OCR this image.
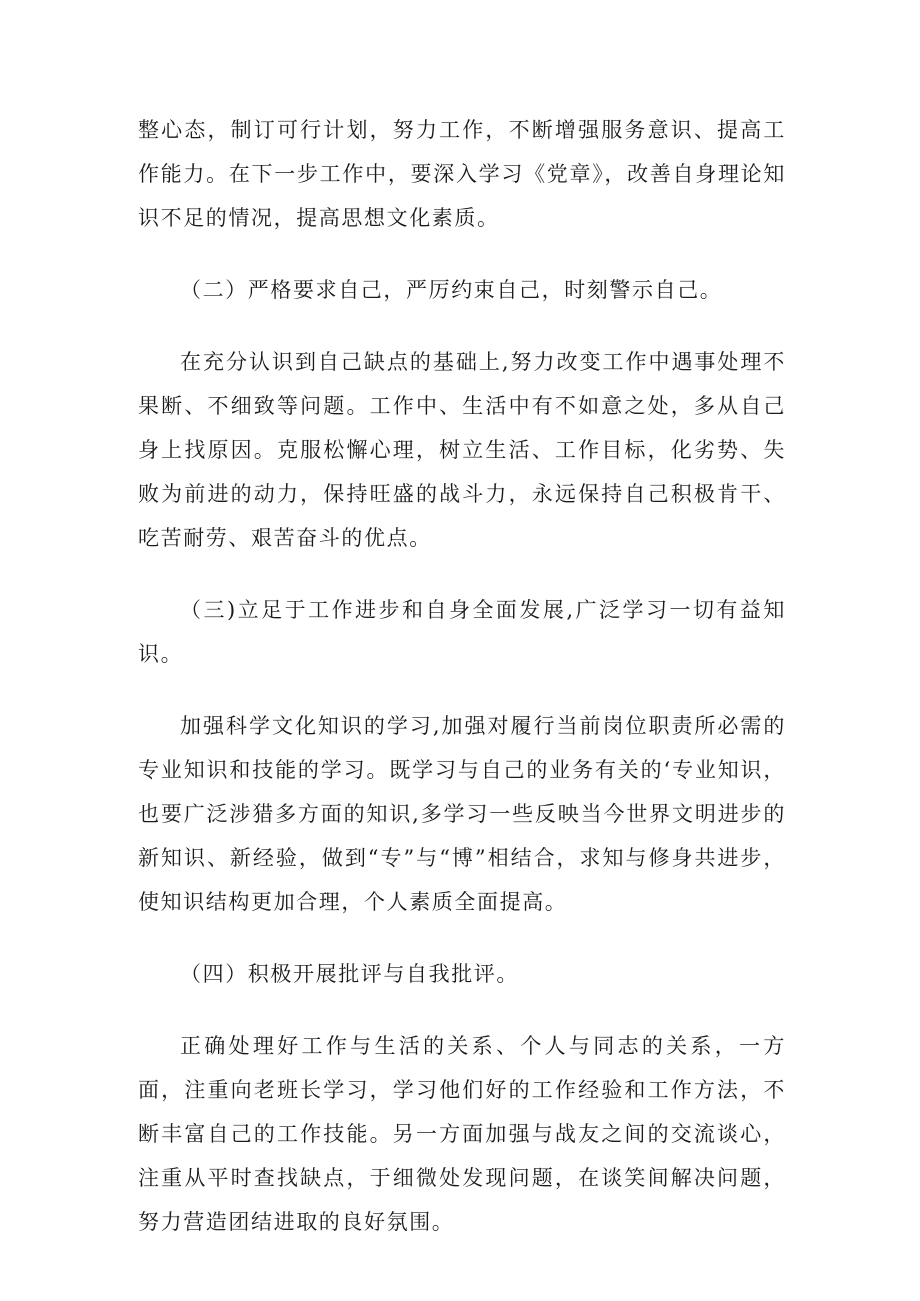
整心态，制订可行计划，努力工作，不断增强服务意识、提高工作能力。在下一步工作中，要深入学习《党章》，改善自身理论知识不足的情况，提高思想文化素质。

（二）严格要求自己，严厉约束自己，时刻警示自己。

在充分认识到自己缺点的基础上,努力改变工作中遇事处理不果断、不细致等问题。工作中、生活中有不如意之处，多从自己身上找原因。克服松懈心理，树立生活、工作目标，化劣势、失败为前进的动力，保持旺盛的战斗力，永远保持自己积极肯干、吃苦耐劳、艰苦奋斗的优点。

（三)立足于工作进步和自身全面发展,广泛学习一切有益知识。

加强科学文化知识的学习,加强对履行当前岗位职责所必需的专业知识和技能的学习。既学习与自己的业务有关的‘专业知识，也要广泛涉猎多方面的知识,多学习一些反映当今世界文明进步的新知识、新经验，做到“专”与“博”相结合，求知与修身共进步，使知识结构更加合理，个人素质全面提高。

（四）积极开展批评与自我批评。

正确处理好工作与生活的关系、个人与同志的关系，一方面，注重向老班长学习，学习他们好的工作经验和工作方法，不断丰富自己的工作技能。另一方面加强与战友之间的交流谈心，注重从平时查找缺点，于细微处发现问题，在谈笑间解决问题，努力营造团结进取的良好氛围。
